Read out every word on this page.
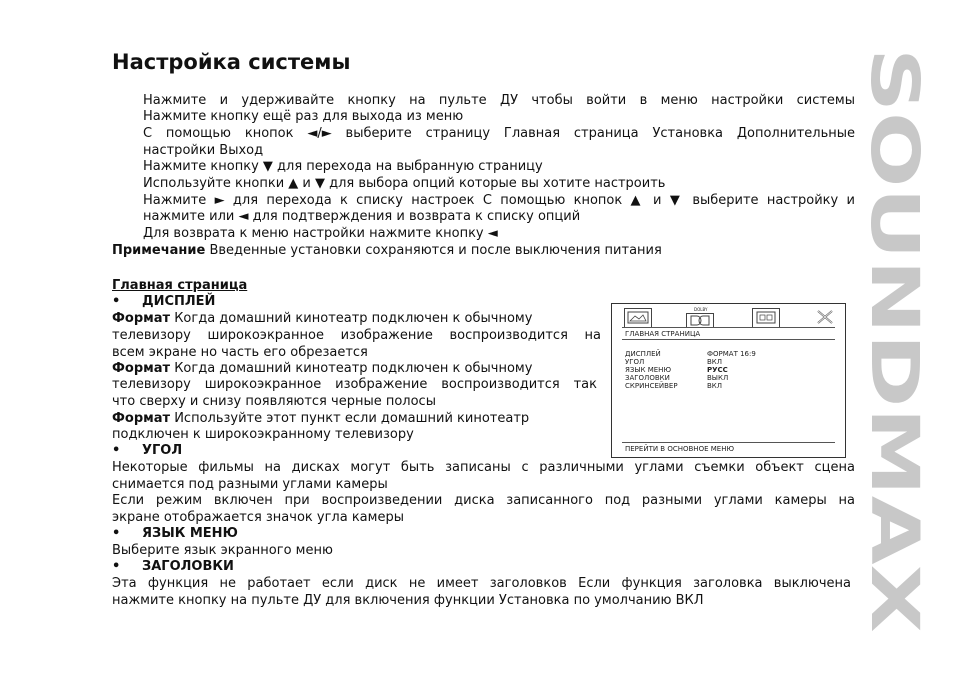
Настройка системы
Нажмите и удерживайте кнопку на пульте ДУ чтобы войти в меню настройки системы
Нажмите кнопку ещё раз для выхода из меню
С помощью кнопок ◄/► выберите страницу Главная страница Установка Дополнительные
настройки Выход
Нажмите кнопку ▼ для перехода на выбранную страницу
Используйте кнопки ▲ и ▼ для выбора опций которые вы хотите настроить
Нажмите ► для перехода к списку настроек С помощью кнопок ▲ и ▼ выберите настройку и
нажмите или ◄ для подтверждения и возврата к списку опций
Для возврата к меню настройки нажмите кнопку ◄
Примечание Введенные установки сохраняются и после выключения питания
Главная страница
• ДИСПЛЕЙ
Формат Когда домашний кинотеатр подключен к обычному
телевизору широкоэкранное изображение воспроизводится на
всем экране но часть его обрезается
Формат Когда домашний кинотеатр подключен к обычному
телевизору широкоэкранное изображение воспроизводится так
что сверху и снизу появляются черные полосы
Формат Используйте этот пункт если домашний кинотеатр
подключен к широкоэкранному телевизору
• УГОЛ
Некоторые фильмы на дисках могут быть записаны с различными углами съемки объект сцена
снимается под разными углами камеры
Если режим включен при воспроизведении диска записанного под разными углами камеры на
экране отображается значок угла камеры
• ЯЗЫК МЕНЮ
Выберите язык экранного меню
• ЗАГОЛОВКИ
Эта функция не работает если диск не имеет заголовков Если функция заголовка выключена
нажмите кнопку на пульте ДУ для включения функции Установка по умолчанию ВКЛ
DOLBY
ГЛАВНАЯ СТРАНИЦА
ДИСПЛЕЙ	ФОРМАТ 16:9
УГОЛ	ВКЛ
ЯЗЫК МЕНЮ	РУСС
ЗАГОЛОВКИ	ВЫКЛ
СКРИНСЕЙВЕР	ВКЛ
ПЕРЕЙТИ В ОСНОВНОЕ МЕНЮ SOUNDMAX
